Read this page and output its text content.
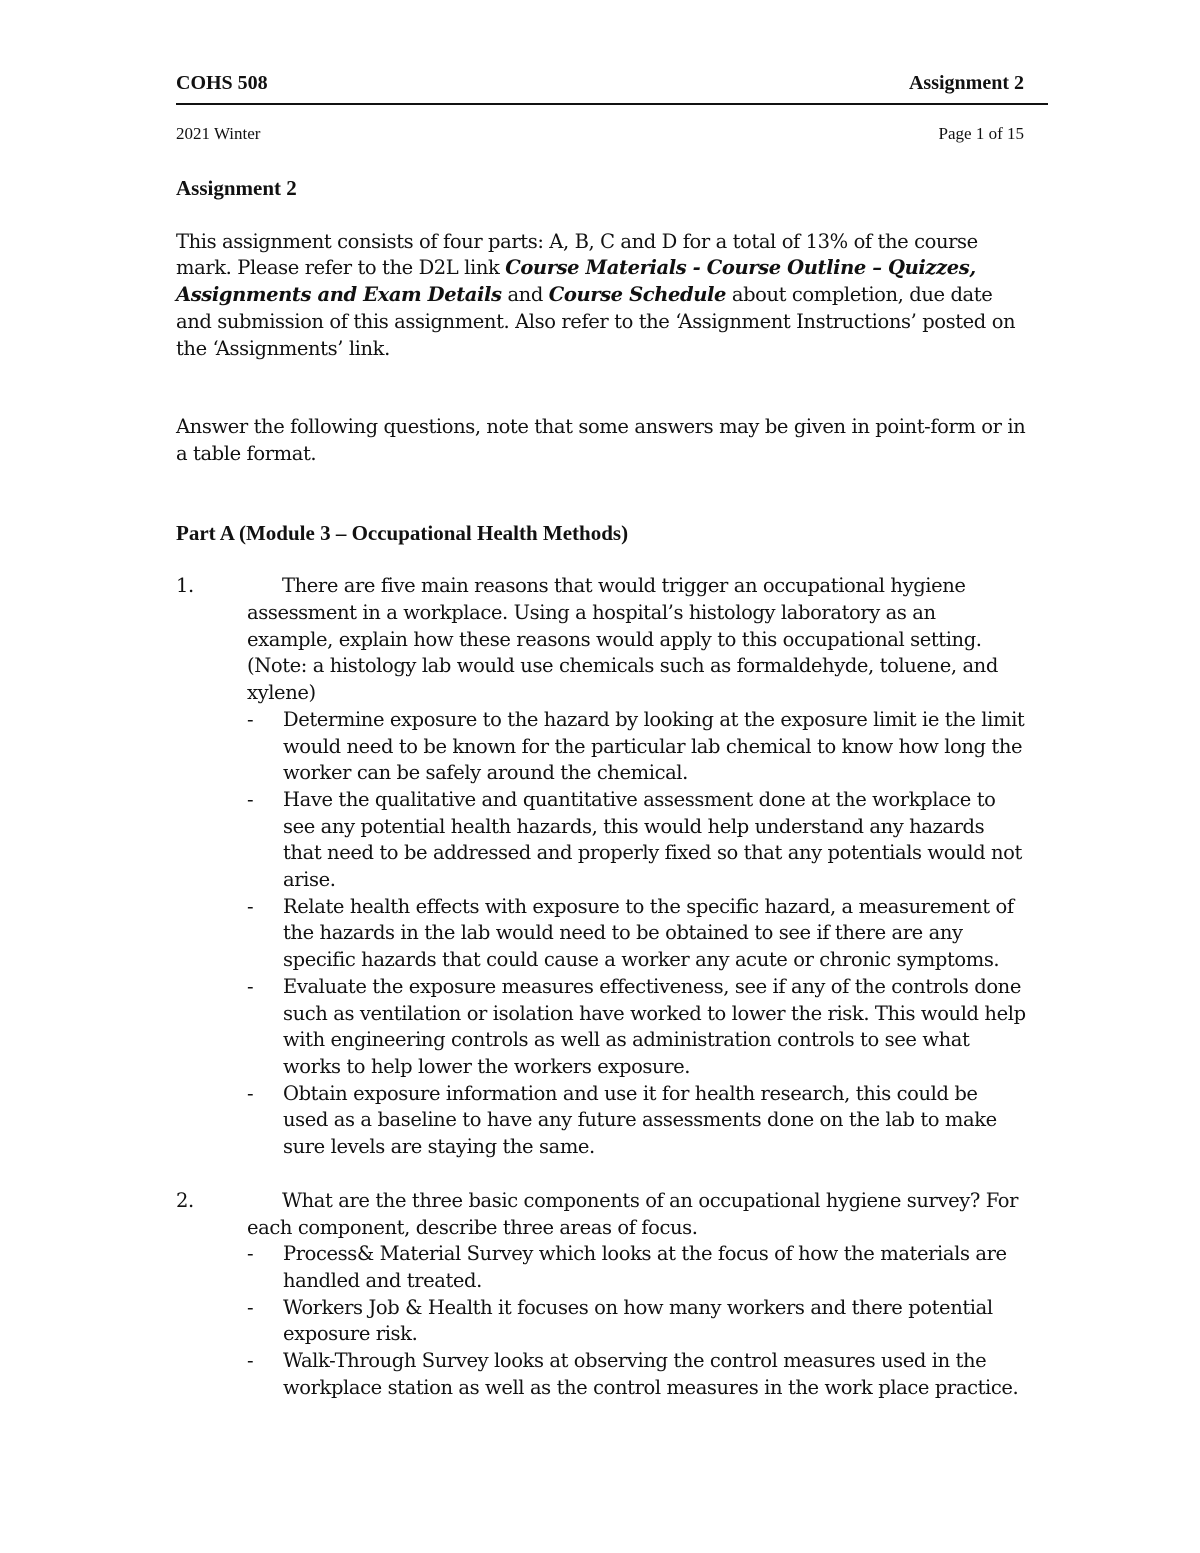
COHS 508	Assignment 2
2021 Winter	Page 1 of 15

Assignment 2

This assignment consists of four parts: A, B, C and D for a total of 13% of the course mark. Please refer to the D2L link Course Materials - Course Outline – Quizzes, Assignments and Exam Details and Course Schedule about completion, due date and submission of this assignment. Also refer to the ‘Assignment Instructions’ posted on the ‘Assignments’ link.

Answer the following questions, note that some answers may be given in point-form or in a table format.

Part A (Module 3 – Occupational Health Methods)

1.	There are five main reasons that would trigger an occupational hygiene assessment in a workplace. Using a hospital’s histology laboratory as an example, explain how these reasons would apply to this occupational setting. (Note: a histology lab would use chemicals such as formaldehyde, toluene, and xylene)

- Determine exposure to the hazard by looking at the exposure limit ie the limit would need to be known for the particular lab chemical to know how long the worker can be safely around the chemical.
- Have the qualitative and quantitative assessment done at the workplace to see any potential health hazards, this would help understand any hazards that need to be addressed and properly fixed so that any potentials would not arise.
- Relate health effects with exposure to the specific hazard, a measurement of the hazards in the lab would need to be obtained to see if there are any specific hazards that could cause a worker any acute or chronic symptoms.
- Evaluate the exposure measures effectiveness, see if any of the controls done such as ventilation or isolation have worked to lower the risk. This would help with engineering controls as well as administration controls to see what works to help lower the workers exposure.
- Obtain exposure information and use it for health research, this could be used as a baseline to have any future assessments done on the lab to make sure levels are staying the same.
2.	What are the three basic components of an occupational hygiene survey? For each component, describe three areas of focus.

- Process& Material Survey which looks at the focus of how the materials are handled and treated.
- Workers Job & Health it focuses on how many workers and there potential exposure risk.
- Walk-Through Survey looks at observing the control measures used in the workplace station as well as the control measures in the work place practice.
